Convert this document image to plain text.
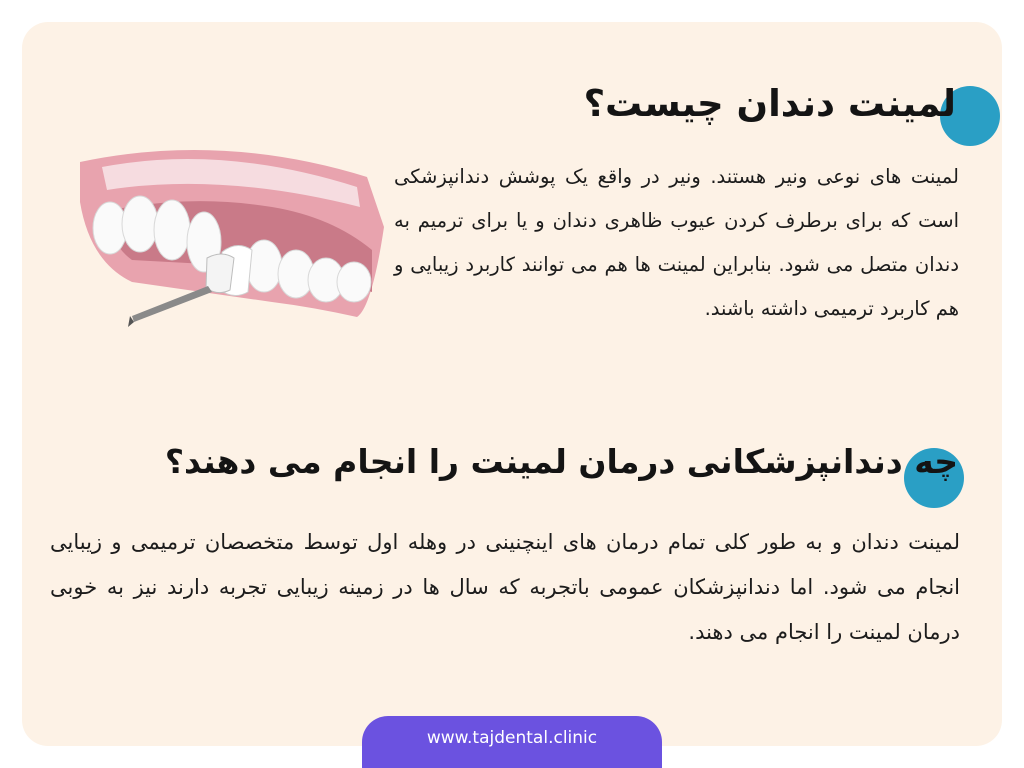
لمینت دندان چیست؟
لمینت های نوعی ونیر هستند. ونیر در واقع یک پوشش دندانپزشکی است که برای برطرف کردن عیوب ظاهری دندان و یا برای ترمیم به دندان متصل می شود. بنابراین لمینت ها هم می توانند کاربرد زیبایی و هم کاربرد ترمیمی داشته باشند.
چه دندانپزشکانی درمان لمینت را انجام می دهند؟
لمینت دندان و به طور کلی تمام درمان های اینچنینی در وهله اول توسط متخصصان ترمیمی و زیبایی انجام می شود. اما دندانپزشکان عمومی باتجربه که سال ها در زمینه زیبایی تجربه دارند نیز به خوبی درمان لمینت را انجام می دهند.
www.tajdental.clinic
